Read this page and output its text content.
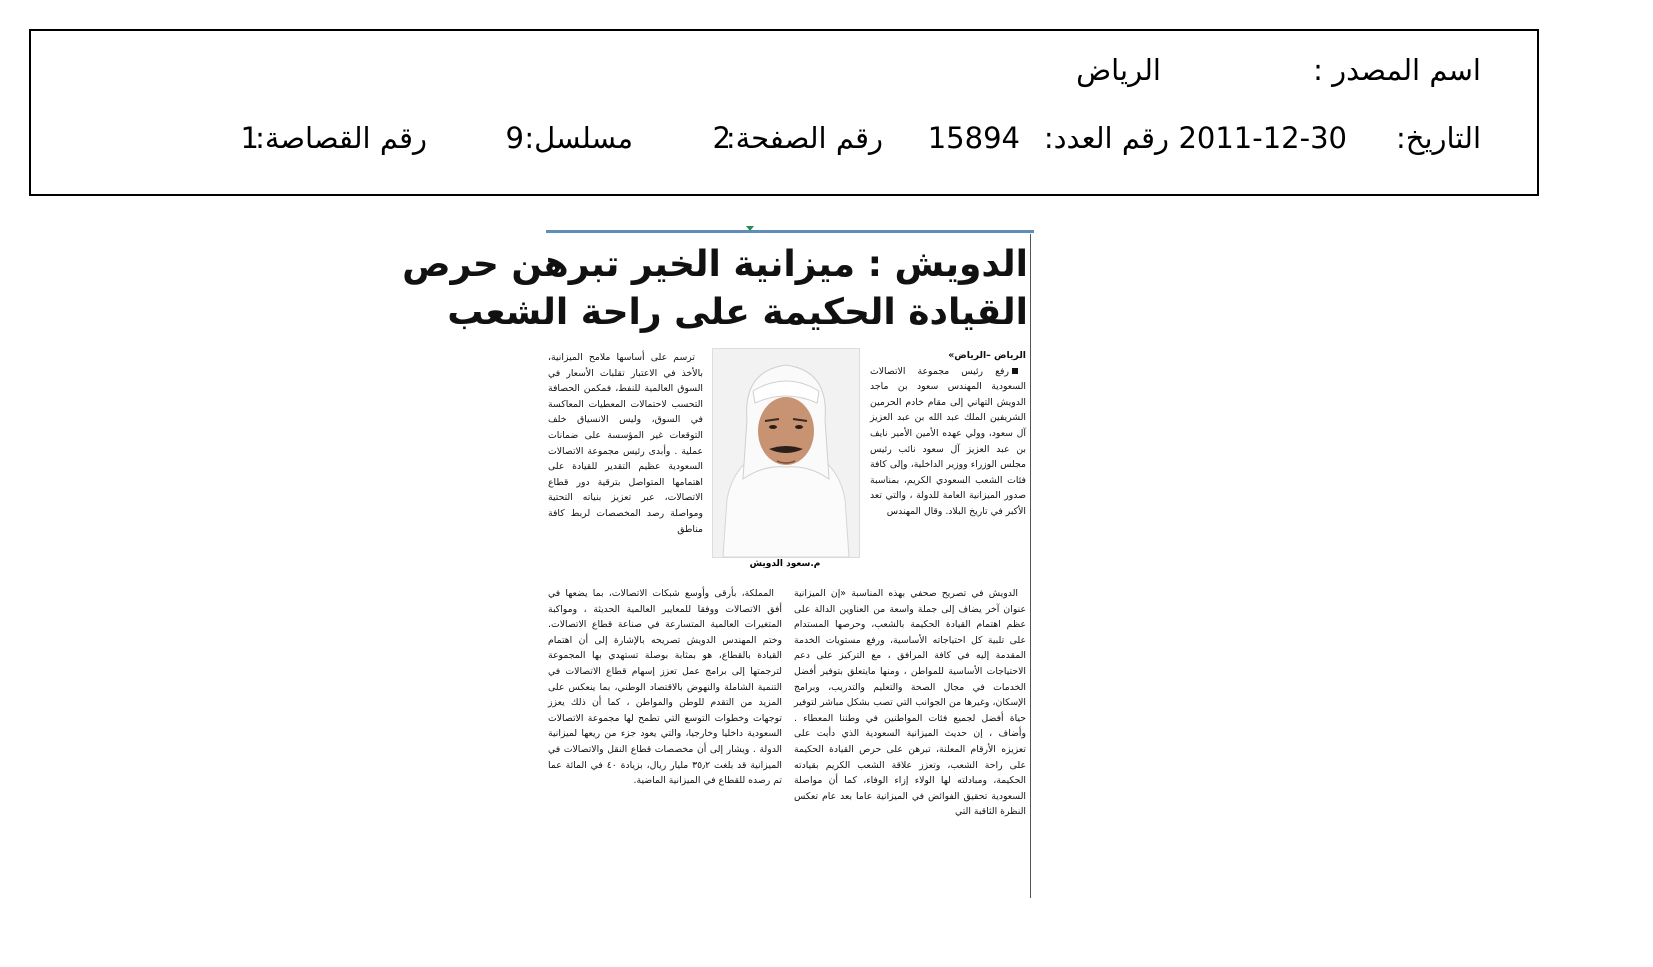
اسم المصدر :
الرياض
التاريخ:
2011-12-30
رقم العدد:
15894
رقم الصفحة:
2
مسلسل:
9
رقم القصاصة:
1
الدويش : ميزانية الخير تبرهن حرص
القيادة الحكيمة على راحة الشعب

الرياض –الرياض»

رفع رئيس مجموعة الاتصالات السعودية المهندس سعود بن ماجد الدويش التهاني إلى مقام خادم الحرمين الشريفين الملك عبد الله بن عبد العزيز آل سعود، وولي عهده الأمين الأمير نايف بن عبد العزيز آل سعود نائب رئيس مجلس الوزراء ووزير الداخلية، وإلى كافة فئات الشعب السعودي الكريم، بمناسبة صدور الميزانية العامة للدولة ، والتي تعد الأكبر في تاريخ البلاد. وقال المهندس

م.سعود الدويش

ترسم على أساسها ملامح الميزانية، بالأخذ في الاعتبار تقلبات الأسعار في السوق العالمية للنفط، فمكمن الحصافة التحسب لاحتمالات المعطيات المعاكسة في السوق، وليس الانسياق خلف التوقعات غير المؤسسة على ضمانات عملية . وأبدى رئيس مجموعة الاتصالات السعودية عظيم التقدير للقيادة على اهتمامها المتواصل بترقية دور قطاع الاتصالات، عبر تعزيز بنياته التحتية ومواصلة رصد المخصصات لربط كافة مناطق

الدويش في تصريح صحفي بهذه المناسبة «إن الميزانية عنوان آخر يضاف إلى جملة واسعة من العناوين الدالة على عظم اهتمام القيادة الحكيمة بالشعب، وحرصها المستدام على تلبية كل احتياجاته الأساسية، ورفع مستويات الخدمة المقدمة إليه في كافة المرافق ، مع التركيز على دعم الاحتياجات الأساسية للمواطن ، ومنها مايتعلق بتوفير أفضل الخدمات في مجال الصحة والتعليم والتدريب، وبرامج الإسكان، وغيرها من الجوانب التي تصب بشكل مباشر لتوفير حياة أفضل لجميع فئات المواطنين في وطننا المعطاء . وأضاف ، إن حديث الميزانية السعودية الذي دأبت على تعزيزه الأرقام المعلنة، تبرهن على حرص القيادة الحكيمة على راحة الشعب، وتعزز علاقة الشعب الكريم بقيادته الحكيمة، ومبادلته لها الولاء إزاء الوفاء، كما أن مواصلة السعودية تحقيق الفوائض في الميزانية عاما بعد عام تعكس النظرة الثاقبة التي

المملكة، بأرقى وأوسع شبكات الاتصالات، بما يضعها في أفق الاتصالات ووفقا للمعايير العالمية الحديثة ، ومواكبة المتغيرات العالمية المتسارعة في صناعة قطاع الاتصالات. وختم المهندس الدويش تصريحه بالإشارة إلى أن اهتمام القيادة بالقطاع، هو بمثابة بوصلة تستهدي بها المجموعة لترجمتها إلى برامج عمل تعزز إسهام قطاع الاتصالات في التنمية الشاملة والنهوض بالاقتصاد الوطني، بما ينعكس على المزيد من التقدم للوطن والمواطن ، كما أن ذلك يعزز توجهات وخطوات التوسع التي تطمح لها مجموعة الاتصالات السعودية داخليا وخارجيا، والتي يعود جزء من ريعها لميزانية الدولة . ويشار إلى أن مخصصات قطاع النقل والاتصالات في الميزانية قد بلغت ٣٥٫٢ مليار ريال، بزيادة ٤٠ في المائة عما تم رصده للقطاع في الميزانية الماضية.
